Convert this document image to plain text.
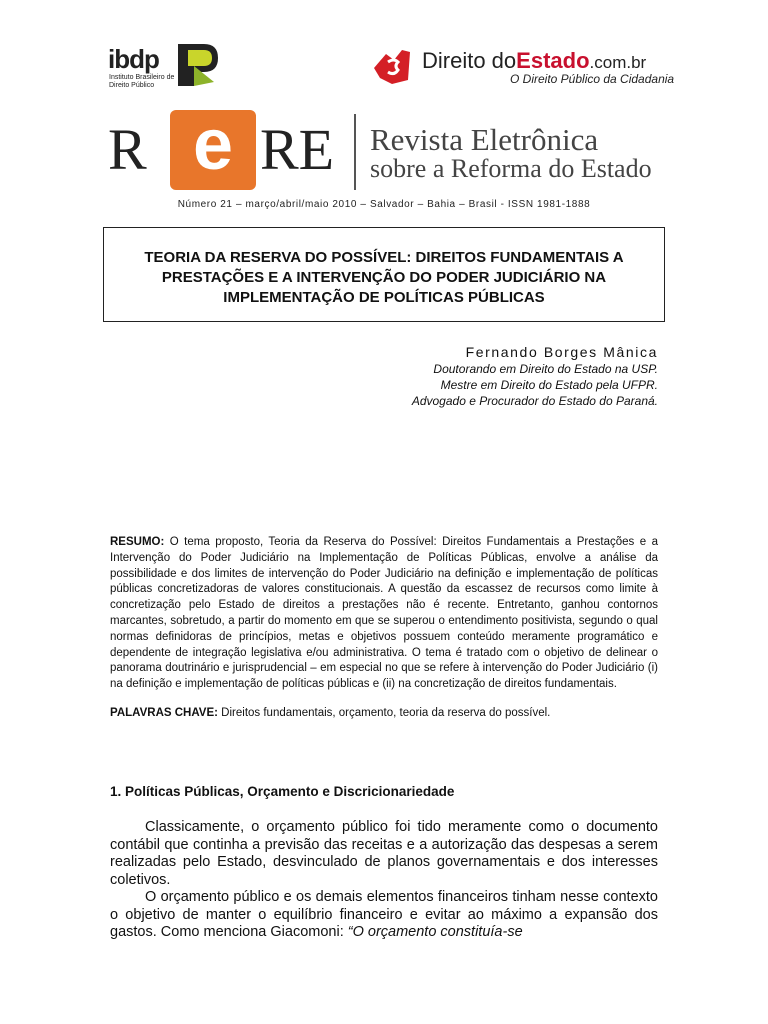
ibdp
Instituto Brasileiro de
Direito Público
Direito doEstado.com.br
O Direito Público da Cidadania
R e RE Revista Eletrônica
sobre a Reforma do Estado
Número 21 – março/abril/maio 2010 – Salvador – Bahia – Brasil - ISSN 1981-1888
TEORIA DA RESERVA DO POSSÍVEL: DIREITOS FUNDAMENTAIS A
PRESTAÇÕES E A INTERVENÇÃO DO PODER JUDICIÁRIO NA
IMPLEMENTAÇÃO DE POLÍTICAS PÚBLICAS
Fernando Borges Mânica
Doutorando em Direito do Estado na USP.
Mestre em Direito do Estado pela UFPR.
Advogado e Procurador do Estado do Paraná.
RESUMO: O tema proposto, Teoria da Reserva do Possível: Direitos Fundamentais a Prestações e a Intervenção do Poder Judiciário na Implementação de Políticas Públicas, envolve a análise da possibilidade e dos limites de intervenção do Poder Judiciário na definição e implementação de políticas públicas concretizadoras de valores constitucionais. A questão da escassez de recursos como limite à concretização pelo Estado de direitos a prestações não é recente. Entretanto, ganhou contornos marcantes, sobretudo, a partir do momento em que se superou o entendimento positivista, segundo o qual normas definidoras de princípios, metas e objetivos possuem conteúdo meramente programático e dependente de integração legislativa e/ou administrativa. O tema é tratado com o objetivo de delinear o panorama doutrinário e jurisprudencial – em especial no que se refere à intervenção do Poder Judiciário (i) na definição e implementação de políticas públicas e (ii) na concretização de direitos fundamentais.
PALAVRAS CHAVE: Direitos fundamentais, orçamento, teoria da reserva do possível.
1. Políticas Públicas, Orçamento e Discricionariedade

Classicamente, o orçamento público foi tido meramente como o documento contábil que continha a previsão das receitas e a autorização das despesas a serem realizadas pelo Estado, desvinculado de planos governamentais e dos interesses coletivos.

O orçamento público e os demais elementos financeiros tinham nesse contexto o objetivo de manter o equilíbrio financeiro e evitar ao máximo a expansão dos gastos. Como menciona Giacomoni: “O orçamento constituía-se
